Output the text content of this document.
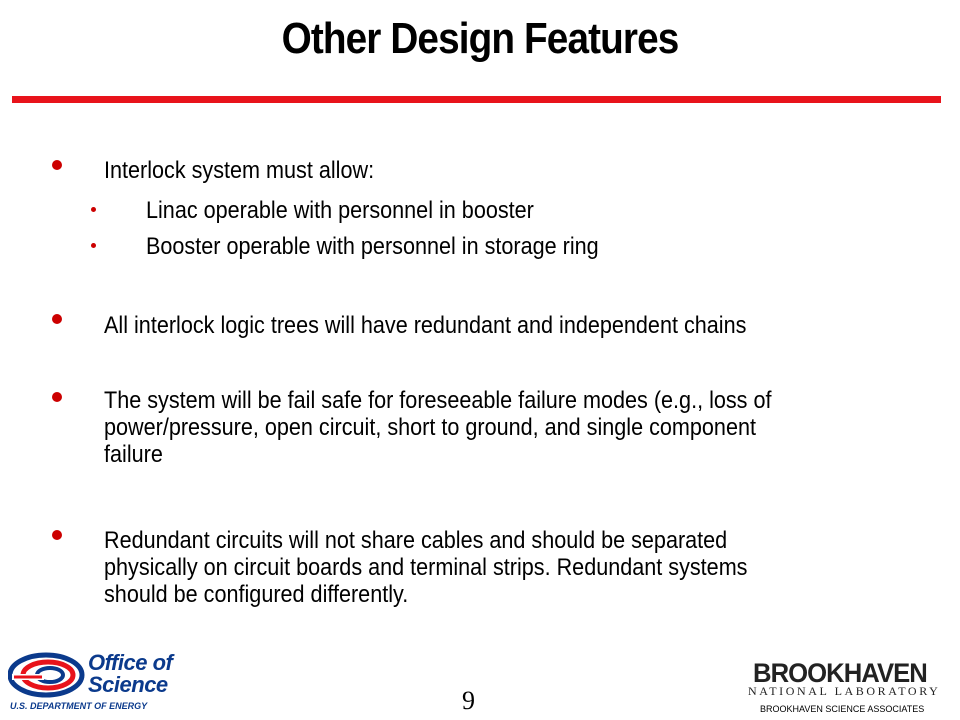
Other Design Features
Interlock system must allow:
Linac operable with personnel in booster
Booster operable with personnel in storage ring
All interlock logic trees will have redundant and independent chains
The system will be fail safe for foreseeable failure modes (e.g., loss of
power/pressure, open circuit, short to ground, and single component
failure
Redundant circuits will not share cables and should be separated
physically on circuit boards and terminal strips. Redundant systems
should be configured differently.
Office of
Science
U.S. DEPARTMENT OF ENERGY	9
BROOKHAVEN
NATIONAL LABORATORY
BROOKHAVEN SCIENCE ASSOCIATES
